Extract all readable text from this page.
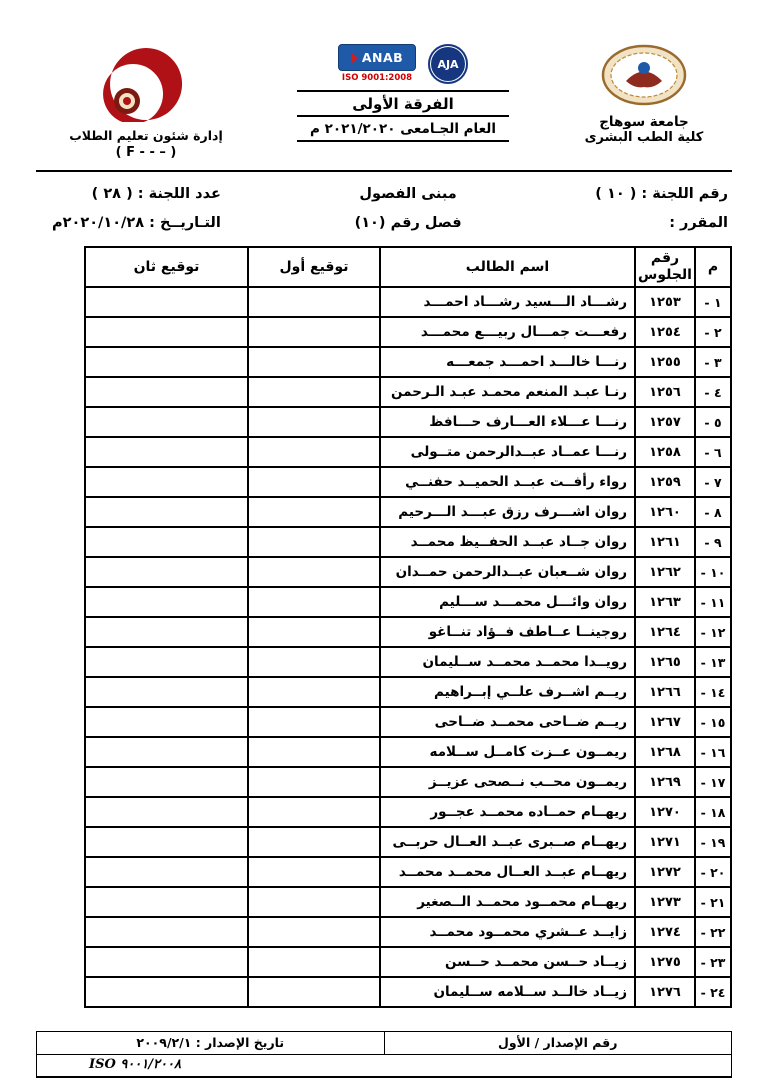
جامعة سوهاج
كلية الطب البشرى
ANAB
ISO 9001:2008
AJA
الفرقة الأولى
العام الجـامعى ٢٠٢١/٢٠٢٠ م
إدارة شئون تعليم الطلاب
( F - - – )
رقم اللجنة : ( ١٠ )
المقرر :
مبنى الفصول
فصل رقم (١٠)
عدد اللجنة : ( ٢٨ )
التـاريــخ : ٢٠٢٠/١٠/٢٨م
م	رقم الجلوس	اسم الطالب	توقيع أول	توقيع ثان
١ -	١٢٥٣	رشـــاد الـــسيد رشـــاد احمـــد		
٢ -	١٢٥٤	رفعـــت جمـــال ربيـــع محمـــد		
٣ -	١٢٥٥	رنـــا خالـــد احمـــد جمعـــه		
٤ -	١٢٥٦	رنـا عبـد المنعم محمـد عبـد الـرحمن		
٥ -	١٢٥٧	رنـــا عـــلاء العـــارف حـــافظ		
٦ -	١٢٥٨	رنـــا عمــاد عبــدالرحمن متــولى		
٧ -	١٢٥٩	رواء رأفــت عبــد الحميــد حفنــي		
٨ -	١٢٦٠	روان اشـــرف رزق عبـــد الـــرحيم		
٩ -	١٢٦١	روان جــاد عبــد الحفــيظ محمــد		
١٠ -	١٢٦٢	روان شــعبان عبــدالرحمن حمــدان		
١١ -	١٢٦٣	روان وائـــل محمـــد ســـليم		
١٢ -	١٢٦٤	روجينــا عــاطف فــؤاد تنــاغو		
١٣ -	١٢٦٥	رويــدا محمــد محمــد ســليمان		
١٤ -	١٢٦٦	ريــم اشــرف علــي إبــراهيم		
١٥ -	١٢٦٧	ريــم ضــاحى محمــد ضــاحى		
١٦ -	١٢٦٨	ريمــون عــزت كامــل ســلامه		
١٧ -	١٢٦٩	ريمــون محــب نــصحى عزيــز		
١٨ -	١٢٧٠	ريهــام حمــاده محمــد عجــور		
١٩ -	١٢٧١	ريهــام صــبرى عبــد العــال حربــى		
٢٠ -	١٢٧٢	ريهــام عبــد العــال محمــد محمــد		
٢١ -	١٢٧٣	ريهــام محمــود محمــد الــصغير		
٢٢ -	١٢٧٤	زايــد عــشري محمــود محمــد		
٢٣ -	١٢٧٥	زيــاد حــسن محمــد حــسن		
٢٤ -	١٢٧٦	زيــاد خالــد ســلامه ســليمان		
رقم الإصدار / الأول
تاريخ الإصدار : ٢٠٠٩/٢/١
ISO ٩٠٠١/٢٠٠٨
